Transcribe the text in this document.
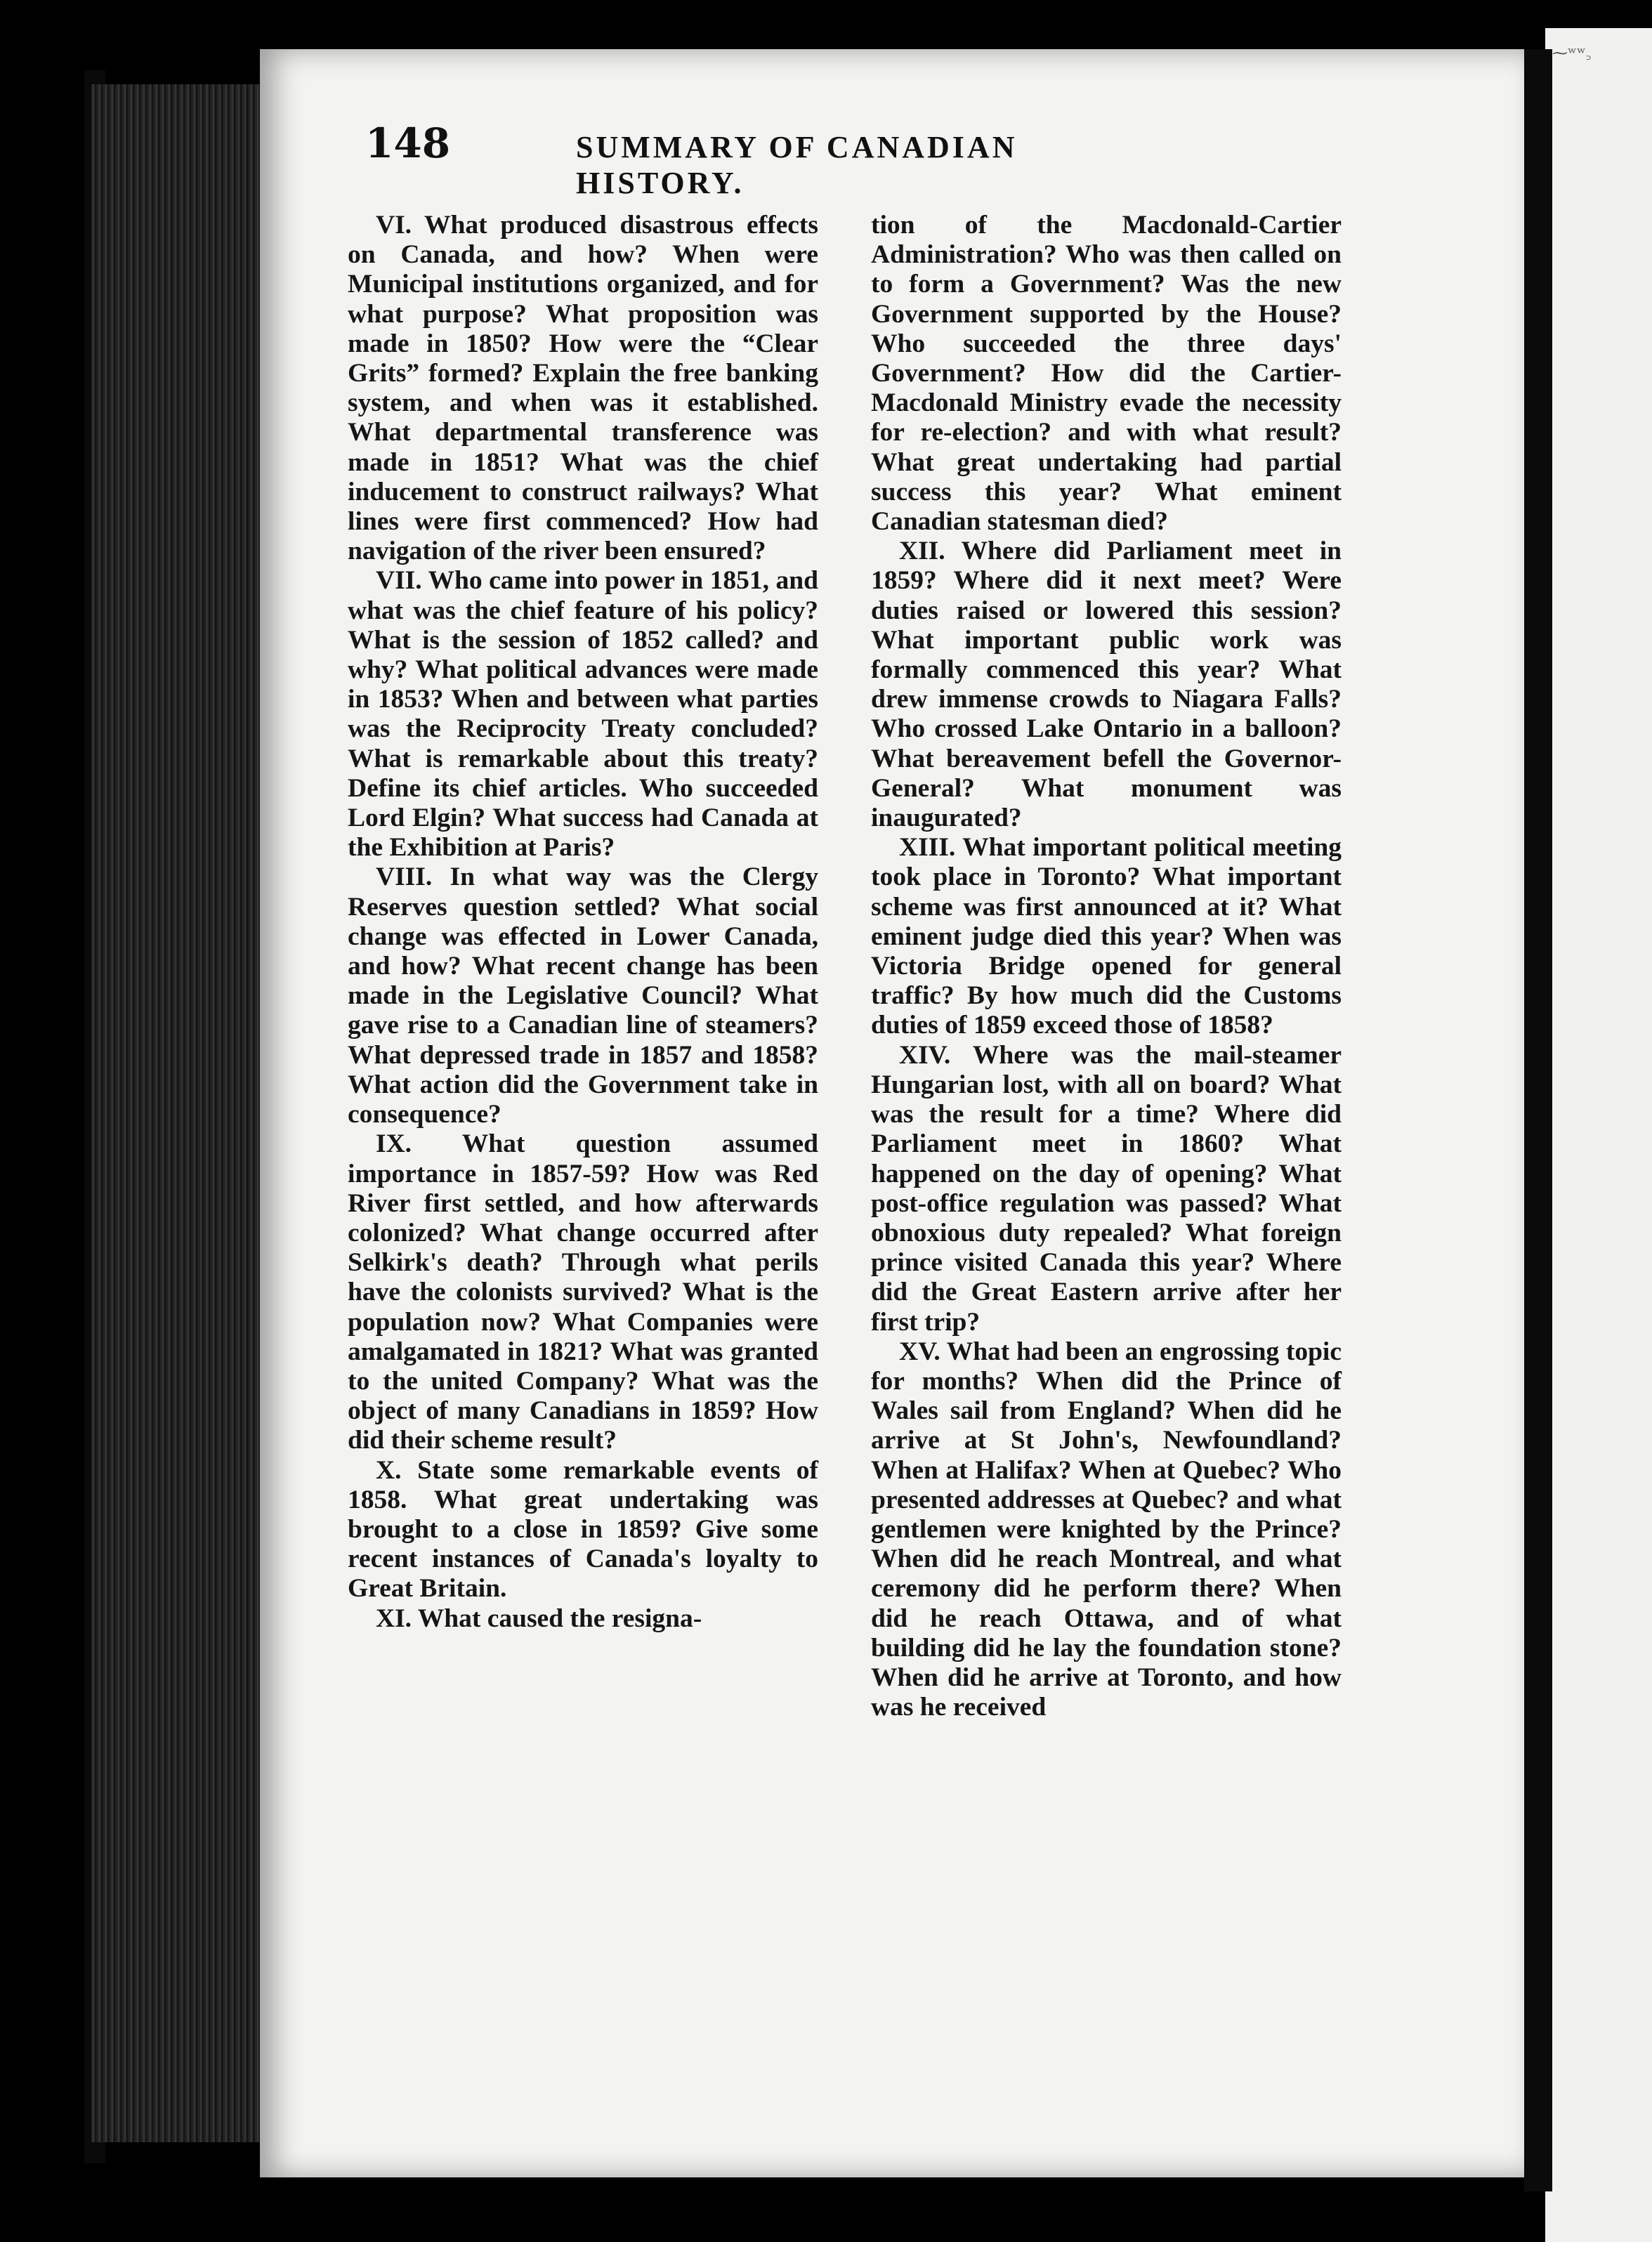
⁓ʷʷ꜆
148	SUMMARY OF CANADIAN HISTORY.

VI. What produced disastrous effects on Canada, and how? When were Municipal institutions organized, and for what purpose? What proposition was made in 1850? How were the “Clear Grits” formed? Explain the free banking system, and when was it established. What departmental transference was made in 1851? What was the chief inducement to construct railways? What lines were first commenced? How had navigation of the river been ensured?

VII. Who came into power in 1851, and what was the chief feature of his policy? What is the session of 1852 called? and why? What political advances were made in 1853? When and between what parties was the Reciprocity Treaty concluded? What is remarkable about this treaty? Define its chief articles. Who succeeded Lord Elgin? What success had Canada at the Exhibition at Paris?

VIII. In what way was the Clergy Reserves question settled? What social change was effected in Lower Canada, and how? What recent change has been made in the Legislative Council? What gave rise to a Canadian line of steamers? What depressed trade in 1857 and 1858? What action did the Government take in consequence?

IX. What question assumed importance in 1857-59? How was Red River first settled, and how afterwards colonized? What change occurred after Selkirk's death? Through what perils have the colonists survived? What is the population now? What Companies were amalgamated in 1821? What was granted to the united Company? What was the object of many Canadians in 1859? How did their scheme result?

X. State some remarkable events of 1858. What great undertaking was brought to a close in 1859? Give some recent instances of Canada's loyalty to Great Britain.

XI. What caused the resigna-

tion of the Macdonald-Cartier Administration? Who was then called on to form a Government? Was the new Government supported by the House? Who succeeded the three days' Government? How did the Cartier-Macdonald Ministry evade the necessity for re-election? and with what result? What great undertaking had partial success this year? What eminent Canadian statesman died?

XII. Where did Parliament meet in 1859? Where did it next meet? Were duties raised or lowered this session? What important public work was formally commenced this year? What drew immense crowds to Niagara Falls? Who crossed Lake Ontario in a balloon? What bereavement befell the Governor-General? What monument was inaugurated?

XIII. What important political meeting took place in Toronto? What important scheme was first announced at it? What eminent judge died this year? When was Victoria Bridge opened for general traffic? By how much did the Customs duties of 1859 exceed those of 1858?

XIV. Where was the mail-steamer Hungarian lost, with all on board? What was the result for a time? Where did Parliament meet in 1860? What happened on the day of opening? What post-office regulation was passed? What obnoxious duty repealed? What foreign prince visited Canada this year? Where did the Great Eastern arrive after her first trip?

XV. What had been an engrossing topic for months? When did the Prince of Wales sail from England? When did he arrive at St John's, Newfoundland? When at Halifax? When at Quebec? Who presented addresses at Quebec? and what gentlemen were knighted by the Prince? When did he reach Montreal, and what ceremony did he perform there? When did he reach Ottawa, and of what building did he lay the foundation stone? When did he arrive at Toronto, and how was he received
